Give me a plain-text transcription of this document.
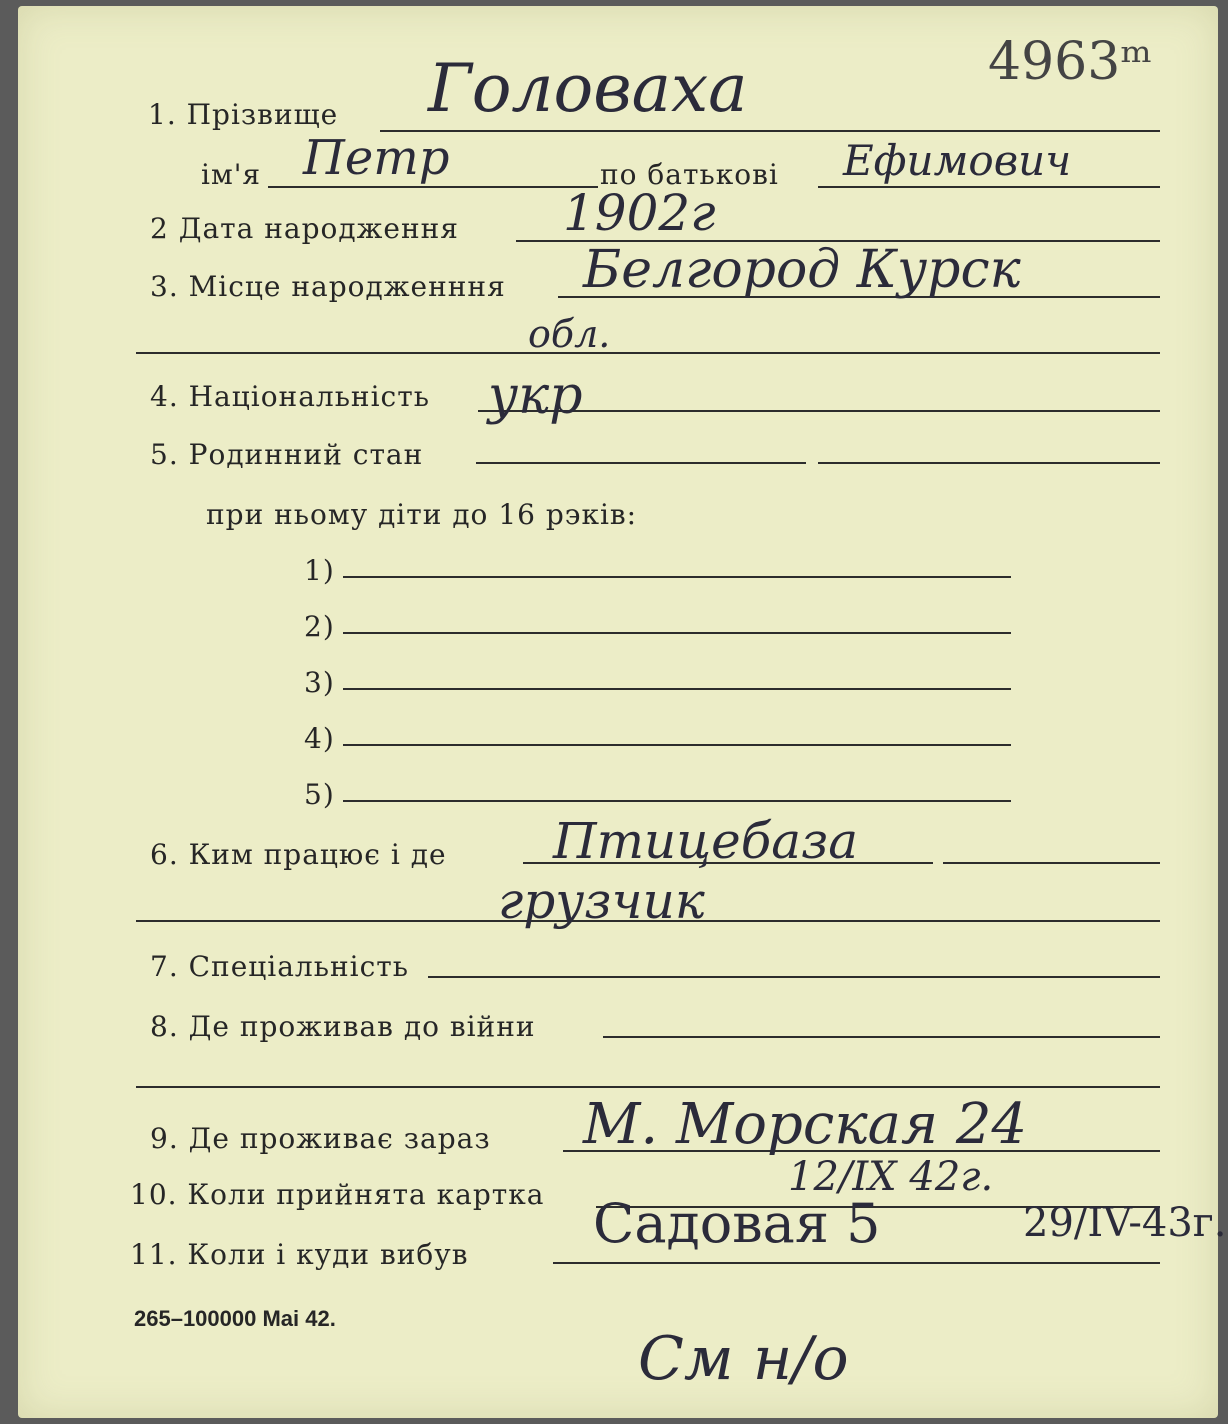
4963ᵐ
1. Прізвище Головаха
ім'я Петр	по батькові Ефимович
2 Дата народження 1902г
3. Місце народженння Белгород Курск
обл.
4. Національність укр
5. Родинний стан
при ньому діти до 16 рэків:
1)
2)
3)
4)
5)
6. Ким працює і де Птицебаза
грузчик
7. Спеціальність
8. Де проживав до війни
9. Де проживає зараз М. Морская 24
10. Коли прийнята картка	12/IX 42г.
11. Коли і куди вибув Садовая 5	29/IV-43г.
265–100000 Mai 42.
См н/о
